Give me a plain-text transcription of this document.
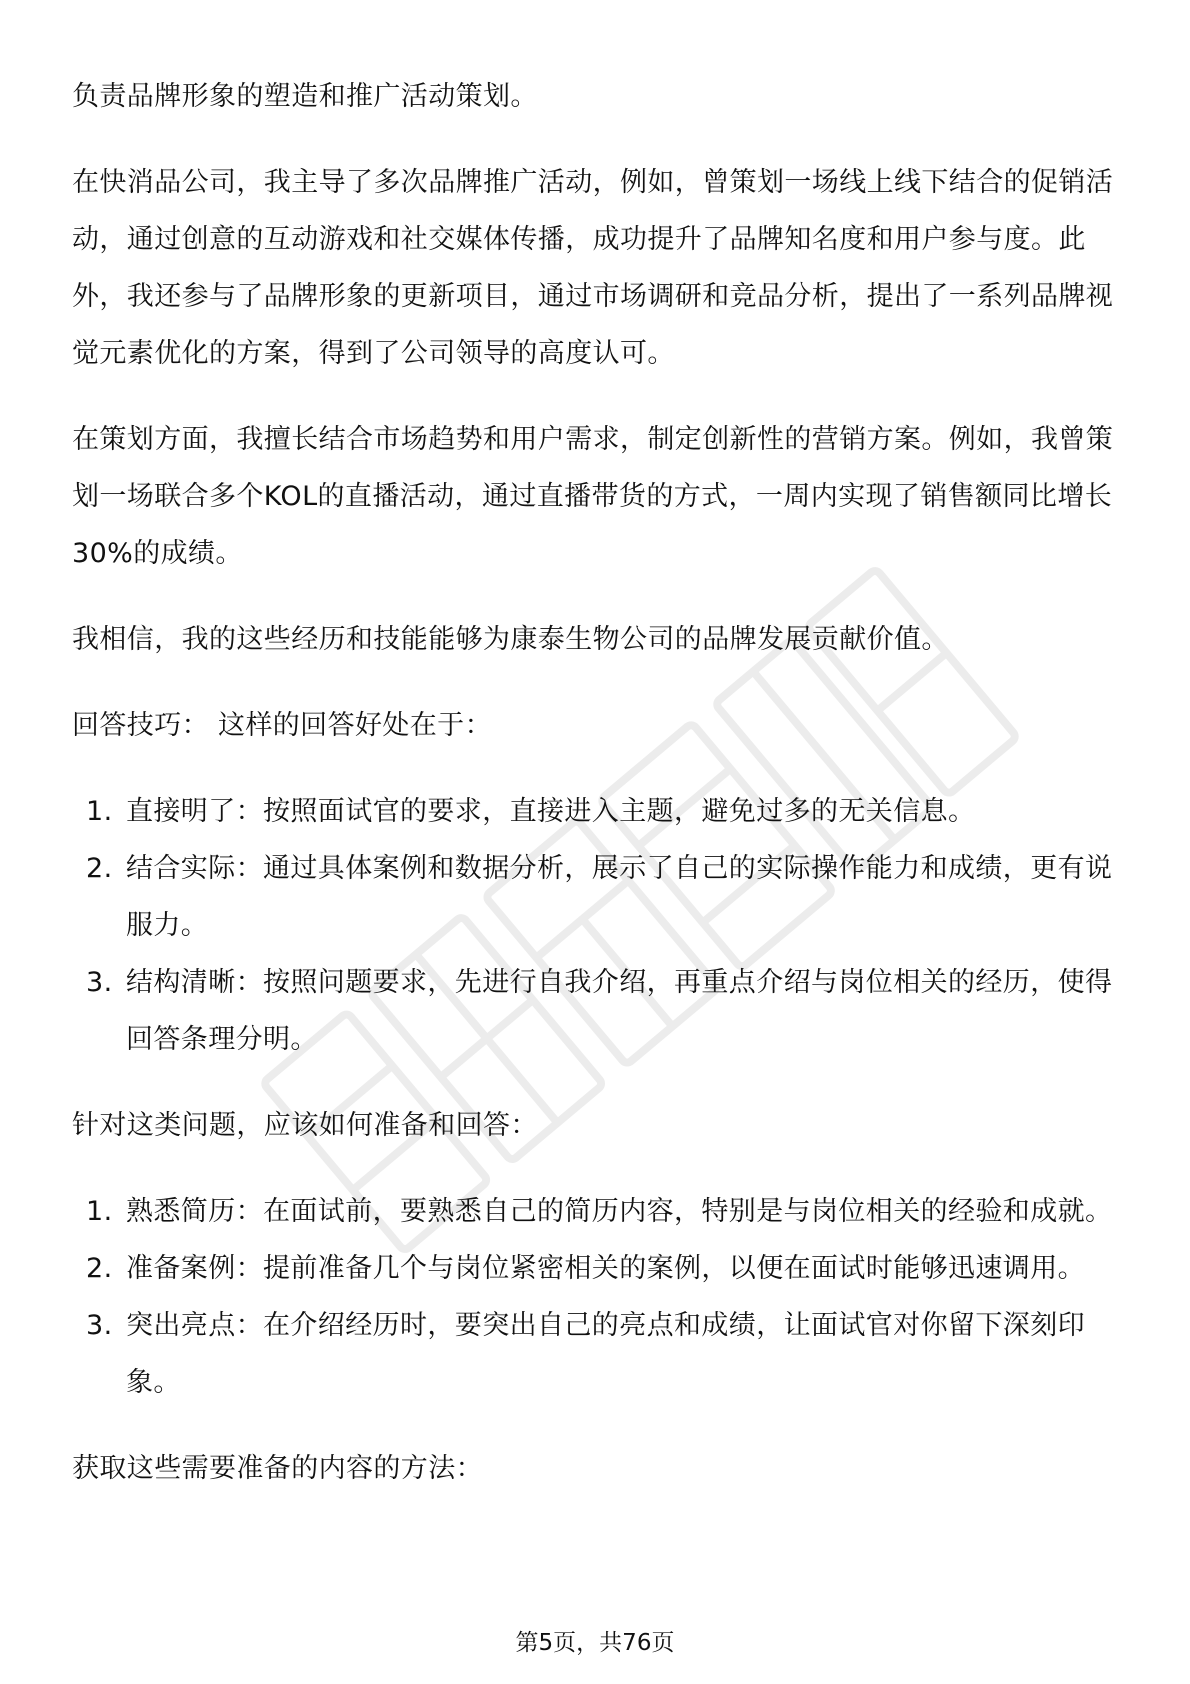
负责品牌形象的塑造和推广活动策划。

在快消品公司，我主导了多次品牌推广活动，例如，曾策划一场线上线下结合的促销活动，通过创意的互动游戏和社交媒体传播，成功提升了品牌知名度和用户参与度。此外，我还参与了品牌形象的更新项目，通过市场调研和竞品分析，提出了一系列品牌视觉元素优化的方案，得到了公司领导的高度认可。

在策划方面，我擅长结合市场趋势和用户需求，制定创新性的营销方案。例如，我曾策划一场联合多个KOL的直播活动，通过直播带货的方式，一周内实现了销售额同比增长30%的成绩。

我相信，我的这些经历和技能能够为康泰生物公司的品牌发展贡献价值。

回答技巧： 这样的回答好处在于：

1. 直接明了：按照面试官的要求，直接进入主题，避免过多的无关信息。
2. 结合实际：通过具体案例和数据分析，展示了自己的实际操作能力和成绩，更有说服力。
3. 结构清晰：按照问题要求，先进行自我介绍，再重点介绍与岗位相关的经历，使得回答条理分明。

针对这类问题，应该如何准备和回答：

1. 熟悉简历：在面试前，要熟悉自己的简历内容，特别是与岗位相关的经验和成就。
2. 准备案例：提前准备几个与岗位紧密相关的案例，以便在面试时能够迅速调用。
3. 突出亮点：在介绍经历时，要突出自己的亮点和成绩，让面试官对你留下深刻印象。

获取这些需要准备的内容的方法：

第5页，共76页
